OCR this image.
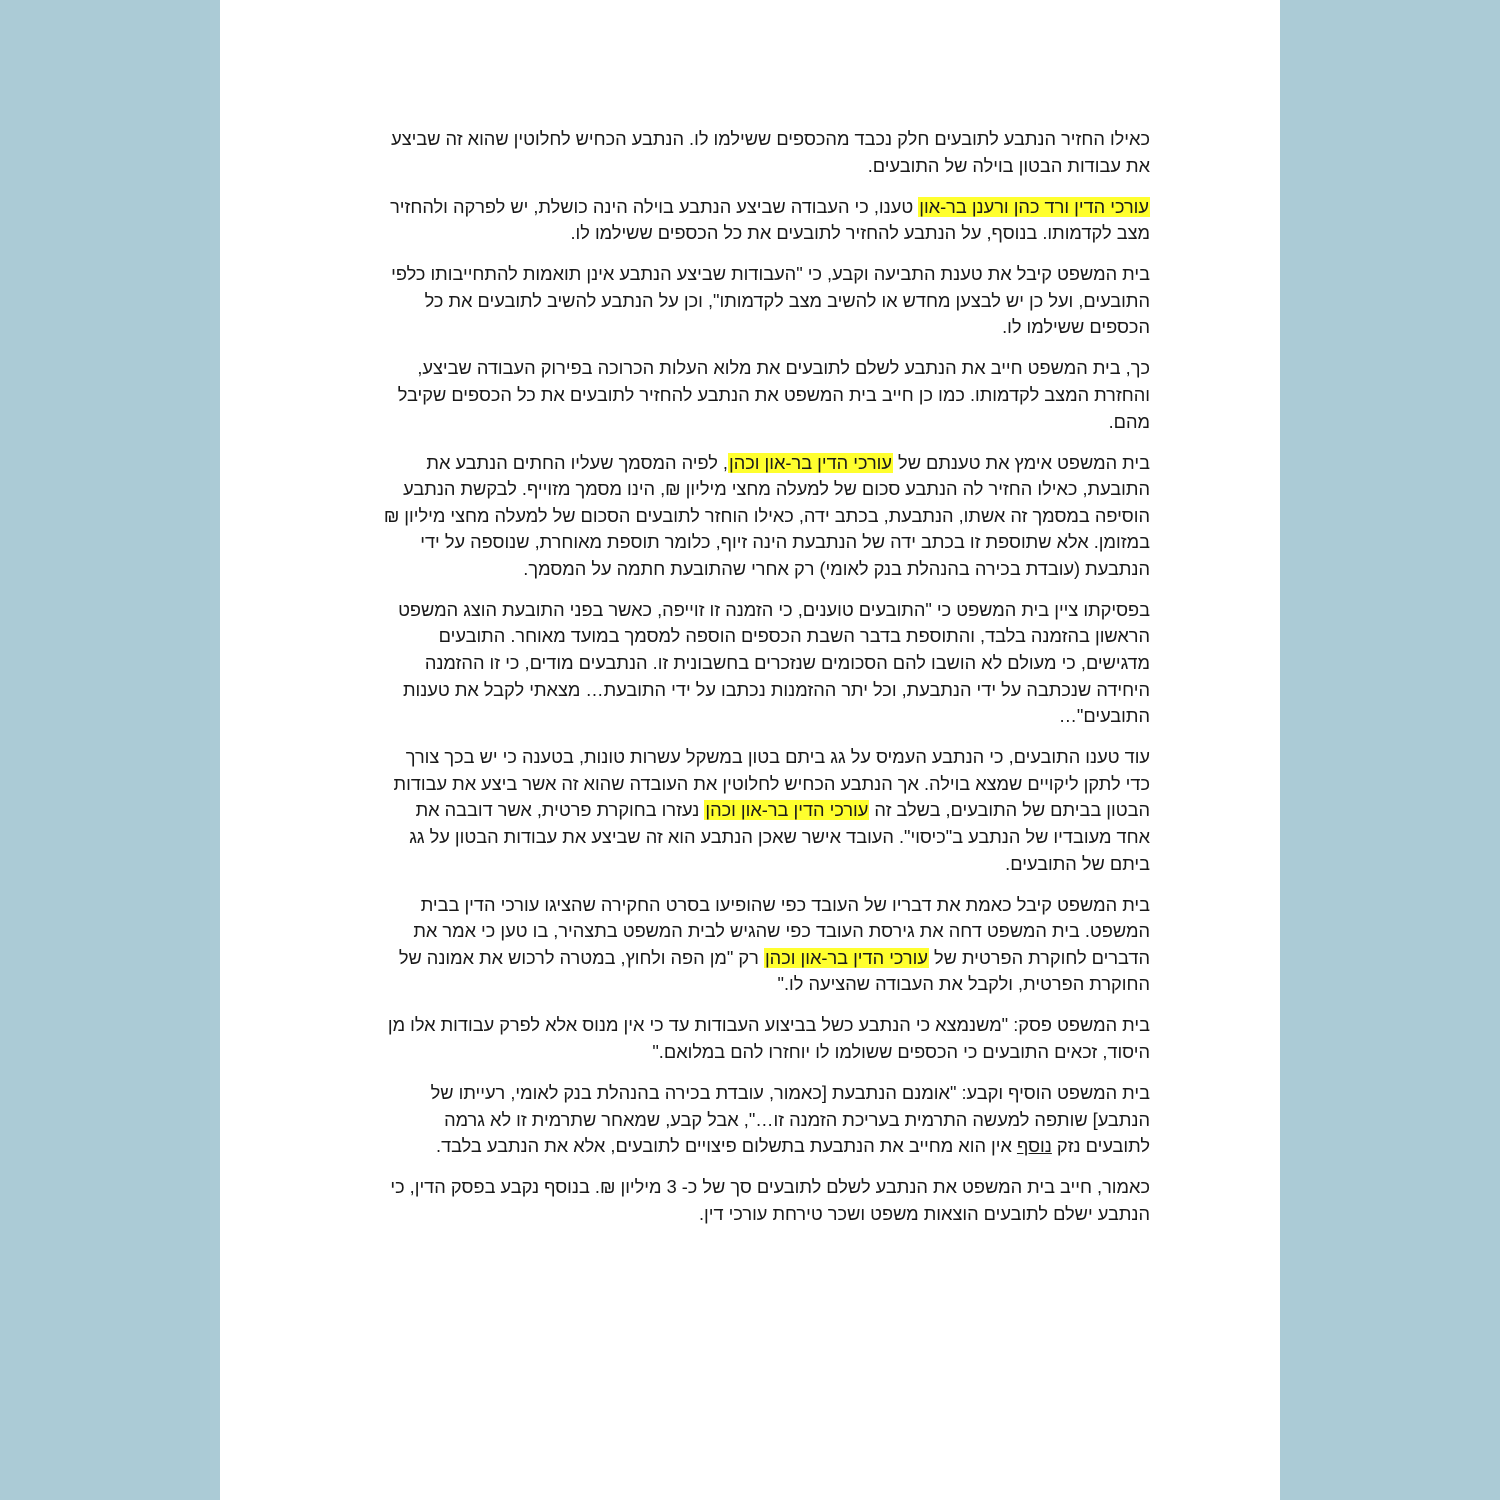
כאילו החזיר הנתבע לתובעים חלק נכבד מהכספים ששילמו לו. הנתבע הכחיש לחלוטין שהוא זה שביצע את עבודות הבטון בוילה של התובעים.

עורכי הדין ורד כהן ורענן בר-און טענו, כי העבודה שביצע הנתבע בוילה הינה כושלת, יש לפרקה ולהחזיר מצב לקדמותו. בנוסף, על הנתבע להחזיר לתובעים את כל הכספים ששילמו לו.

בית המשפט קיבל את טענת התביעה וקבע, כי "העבודות שביצע הנתבע אינן תואמות להתחייבותו כלפי התובעים, ועל כן יש לבצען מחדש או להשיב מצב לקדמותו", וכן על הנתבע להשיב לתובעים את כל הכספים ששילמו לו.

כך, בית המשפט חייב את הנתבע לשלם לתובעים את מלוא העלות הכרוכה בפירוק העבודה שביצע, והחזרת המצב לקדמותו. כמו כן חייב בית המשפט את הנתבע להחזיר לתובעים את כל הכספים שקיבל מהם.

בית המשפט אימץ את טענתם של עורכי הדין בר-און וכהן, לפיה המסמך שעליו החתים הנתבע את התובעת, כאילו החזיר לה הנתבע סכום של למעלה מחצי מיליון ₪, הינו מסמך מזוייף. לבקשת הנתבע הוסיפה במסמך זה אשתו, הנתבעת, בכתב ידה, כאילו הוחזר לתובעים הסכום של למעלה מחצי מיליון ₪ במזומן. אלא שתוספת זו בכתב ידה של הנתבעת הינה זיוף, כלומר תוספת מאוחרת, שנוספה על ידי הנתבעת (עובדת בכירה בהנהלת בנק לאומי) רק אחרי שהתובעת חתמה על המסמך.

בפסיקתו ציין בית המשפט כי "התובעים טוענים, כי הזמנה זו זוייפה, כאשר בפני התובעת הוצג המשפט הראשון בהזמנה בלבד, והתוספת בדבר השבת הכספים הוספה למסמך במועד מאוחר. התובעים מדגישים, כי מעולם לא הושבו להם הסכומים שנזכרים בחשבונית זו. הנתבעים מודים, כי זו ההזמנה היחידה שנכתבה על ידי הנתבעת, וכל יתר ההזמנות נכתבו על ידי התובעת… מצאתי לקבל את טענות התובעים"…

עוד טענו התובעים, כי הנתבע העמיס על גג ביתם בטון במשקל עשרות טונות, בטענה כי יש בכך צורך כדי לתקן ליקויים שמצא בוילה. אך הנתבע הכחיש לחלוטין את העובדה שהוא זה אשר ביצע את עבודות הבטון בביתם של התובעים, בשלב זה עורכי הדין בר-און וכהן נעזרו בחוקרת פרטית, אשר דובבה את אחד מעובדיו של הנתבע ב"כיסוי". העובד אישר שאכן הנתבע הוא זה שביצע את עבודות הבטון על גג ביתם של התובעים.

בית המשפט קיבל כאמת את דבריו של העובד כפי שהופיעו בסרט החקירה שהציגו עורכי הדין בבית המשפט. בית המשפט דחה את גירסת העובד כפי שהגיש לבית המשפט בתצהיר, בו טען כי אמר את הדברים לחוקרת הפרטית של עורכי הדין בר-און וכהן רק "מן הפה ולחוץ, במטרה לרכוש את אמונה של החוקרת הפרטית, ולקבל את העבודה שהציעה לו."

בית המשפט פסק: "משנמצא כי הנתבע כשל בביצוע העבודות עד כי אין מנוס אלא לפרק עבודות אלו מן היסוד, זכאים התובעים כי הכספים ששולמו לו יוחזרו להם במלואם."

בית המשפט הוסיף וקבע: "אומנם הנתבעת [כאמור, עובדת בכירה בהנהלת בנק לאומי, רעייתו של הנתבע] שותפה למעשה התרמית בעריכת הזמנה זו…", אבל קבע, שמאחר שתרמית זו לא גרמה לתובעים נזק נוסף אין הוא מחייב את הנתבעת בתשלום פיצויים לתובעים, אלא את הנתבע בלבד.

כאמור, חייב בית המשפט את הנתבע לשלם לתובעים סך של כ- 3 מיליון ₪. בנוסף נקבע בפסק הדין, כי הנתבע ישלם לתובעים הוצאות משפט ושכר טירחת עורכי דין.
